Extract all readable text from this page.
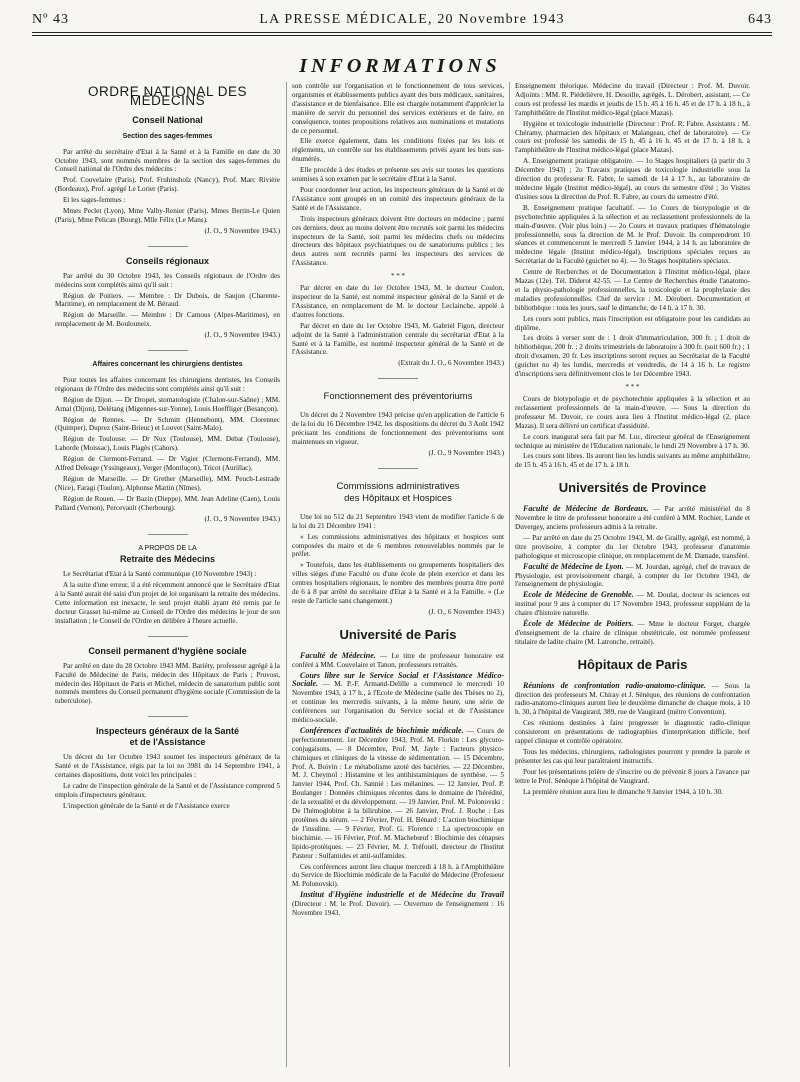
Nº 43	LA PRESSE MÉDICALE, 20 Novembre 1943	643
INFORMATIONS
ORDRE NATIONAL DES MÉDECINS
Conseil National
Section des sages-femmes

Par arrêté du secrétaire d'Etat à la Santé et à la Famille en date du 30 Octobre 1943, sont nommés membres de la section des sages-femmes du Conseil national de l'Ordre des médecins :

Prof. Couvelaire (Paris), Prof. Fruhinsholz (Nancy), Prof. Marc Rivière (Bordeaux), Prof. agrégé Le Lorier (Paris).

Et les sages-femmes :

Mmes Peclet (Lyon), Mme Valby-Renier (Paris), Mmes Bertin-Le Quien (Paris), Mme Pelican (Bourg), Mlle Félix (Le Mans).

(J. O., 9 Novembre 1943.)
Conseils régionaux

Par arrêté du 30 Octobre 1943, les Conseils régionaux de l'Ordre des médecins sont complétés ainsi qu'il suit :

Région de Poitiers. — Membre : Dr Dubois, de Saujon (Charente-Maritime), en remplacement de M. Béraud.

Région de Marseille. — Membre : Dr Camous (Alpes-Maritimes), en remplacement de M. Boulouneix.

(J. O., 9 Novembre 1943.)
Affaires concernant les chirurgiens dentistes

Pour toutes les affaires concernant les chirurgiens dentistes, les Conseils régionaux de l'Ordre des médecins sont complétés ainsi qu'il suit :

Région de Dijon. — Dr Dropet, stomatologiste (Chalon-sur-Saône) ; MM. Arnal (Dijon), Delétang (Migennes-sur-Yonne), Louis Hoeffliger (Besançon).

Région de Rennes. — Dr Schmitt (Hennebont), MM. Clorennec (Quimper), Duprez (Saint-Brieuc) et Louvet (Saint-Malo).

Région de Toulouse. — Dr Nux (Toulouse), MM. Debat (Toulouse), Laborde (Moissac), Louis Plagès (Cahors).

Région de Clermont-Ferrand. — Dr Vigier (Clermont-Ferrand), MM. Alfred Deleage (Yssingeaux), Verger (Montluçon), Tricot (Aurillac).

Région de Marseille. — Dr Grether (Marseille), MM. Peuch-Lestrade (Nice), Faragi (Toulon), Alphonse Martin (Nîmes).

Région de Rouen. — Dr Bazin (Dieppe), MM. Jean Adeline (Caen), Louis Pallard (Vernon), Percevault (Cherbourg).

(J. O., 9 Novembre 1943.)
A PROPOS DE LA
Retraite des Médecins

Le Secrétariat d'Etat à la Santé communique (10 Novembre 1943) :

A la suite d'une erreur, il a été récemment annoncé que le Secrétaire d'Etat à la Santé aurait été saisi d'un projet de loi organisant la retraite des médecins. Cette information est inexacte, le seul projet établi ayant été remis par le docteur Grasset lui-même au Conseil de l'Ordre des médecins le jour de son installation ; le Conseil de l'Ordre en délibère à l'heure actuelle.

Conseil permanent d'hygiène sociale

Par arrêté en date du 28 Octobre 1943 MM. Bariéty, professeur agrégé à la Faculté de Médecine de Paris, médecin des Hôpitaux de Paris ; Pruvost, médecin des Hôpitaux de Paris et Michel, médecin de sanatorium public sont nommés membres du Conseil permanent d'hygiène sociale (Commission de la tuberculose).

Inspecteurs généraux de la Santé
et de l'Assistance

Un décret du 1er Octobre 1943 soumet les inspecteurs généraux de la Santé et de l'Assistance, régis par la loi no 3981 du 14 Septembre 1941, à certaines dispositions, dont voici les principales :

Le cadre de l'inspection générale de la Santé et de l'Assistance comprend 5 emplois d'inspecteurs généraux.

L'inspection générale de la Santé et de l'Assistance exerce

son contrôle sur l'organisation et le fonctionnement de tous services, organismes et établissements publics ayant des buts médicaux, sanitaires, d'assistance et de bienfaisance. Elle est chargée notamment d'apprécier la manière de servir du personnel des services extérieurs et de faire, en conséquence, toutes propositions relatives aux nominations et mutations de ce personnel.

Elle exerce également, dans les conditions fixées par les lois et règlements, un contrôle sur les établissements privés ayant les buts sus-énumérés.

Elle procède à des études et présente ses avis sur toutes les questions soumises à son examen par le secrétaire d'Etat à la Santé.

Pour coordonner leur action, les inspecteurs généraux de la Santé et de l'Assistance sont groupés en un comité des inspecteurs généraux de la Santé et de l'Assistance.

Trois inspecteurs généraux doivent être docteurs en médecine ; parmi ces derniers, deux au moins doivent être recrutés soit parmi les médecins inspecteurs de la Santé, soit parmi les médecins chefs ou médecins directeurs des hôpitaux psychiatriques ou de sanatoriums publics ; les deux autres sont recrutés parmi les inspecteurs des services de l'Assistance.

* * *

Par décret en date du 1er Octobre 1943, M. le docteur Coulon, inspecteur de la Santé, est nommé inspecteur général de la Santé et de l'Assistance, en remplacement de M. le docteur Leclainche, appelé à d'autres fonctions.

Par décret en date du 1er Octobre 1943, M. Gabriel Figon, directeur adjoint de la Santé à l'administration centrale du secrétariat d'Etat à la Santé et à la Famille, est nommé inspecteur général de la Santé et de l'Assistance.

(Extrait du J. O., 6 Novembre 1943.)
Fonctionnement des préventoriums

Un décret du 2 Novembre 1943 précise qu'en application de l'article 6 de la loi du 16 Décembre 1942, les dispositions du décret du 3 Août 1942 précisant les conditions de fonctionnement des préventoriums sont maintenues en vigueur.

(J. O., 9 Novembre 1943.)
Commissions administratives
des Hôpitaux et Hospices

Une loi no 512 du 21 Septembre 1943 vient de modifier l'article 6 de la loi du 21 Décembre 1941 :

« Les commissions administratives des hôpitaux et hospices sont composées du maire et de 6 membres renouvelables nommés par le préfet.

» Toutefois, dans les établissements ou groupements hospitaliers des villes sièges d'une Faculté ou d'une école de plein exercice et dans les centres hospitaliers régionaux, le nombre des membres pourra être porté de 6 à 8 par arrêté du secrétaire d'Etat à la Santé et à la Famille. » (Le reste de l'article sans changement.)

(J. O., 6 Novembre 1943.)
Université de Paris

Faculté de Médecine. — Le titre de professeur honoraire est conféré à MM. Couvelaire et Tanon, professeurs retraités.

Cours libre sur le Service Social et l'Assistance Médico-Sociale. — M. P.-F. Armand-Delille a commencé le mercredi 10 Novembre 1943, à 17 h., à l'Ecole de Médecine (salle des Thèses no 2), et continue les mercredis suivants, à la même heure, une série de conférences sur l'organisation du Service social et de l'Assistance médico-sociale.

Conférences d'actualités de biochimie médicale. — Cours de perfectionnement. 1er Décembre 1943, Prof. M. Florkin : Les glycuro-conjugaisons. — 8 Décembre, Prof. M. Jayle : Facteurs physico-chimiques et cliniques de la vitesse de sédimentation. — 15 Décembre, Prof. A. Boivin : Le métabolisme azoté des bactéries. — 22 Décembre, M. J. Cheymol : Histamine et les antihistaminiques de synthèse. — 5 Janvier 1944, Prof. Ch. Sannié : Les mélanines. — 12 Janvier, Prof. P. Boulanger : Données chimiques récentes dans le domaine de l'hérédité, de la sexualité et du développement. — 19 Janvier, Prof. M. Polonovski : De l'hémoglobine à la bilirubine. — 26 Janvier, Prof. J. Roche : Les protéines du sérum. — 2 Février, Prof. H. Bénard : L'action biochimique de l'insuline. — 9 Février, Prof. G. Florence : La spectroscopie en biochimie. — 16 Février, Prof. M. Machebœuf : Biochimie des cénapses lipido-protéiques. — 23 Février, M. J. Tréfouël, directeur de l'Institut Pasteur : Sulfamides et anti-sulfamides.

Ces conférences auront lieu chaque mercredi à 18 h. à l'Amphithéâtre du Service de Biochimie médicale de la Faculté de Médecine (Professeur M. Polonovski).

Institut d'Hygiène industrielle et de Médecine du Travail (Directeur : M. le Prof. Duvoir). — Ouverture de l'enseignement : 16 Novembre 1943.

Enseignement théorique. Médecine du travail (Directeur : Prof. M. Duvoir. Adjoints : MM. R. Piédelièvre, H. Desoille, agrégés, L. Dérobert, assistant. — Ce cours est professé les mardis et jeudis de 15 h. 45 à 16 h. 45 et de 17 h. à 18 h., à l'amphithéâtre de l'Institut médico-légal (place Mazas).

Hygiène et toxicologie industrielle (Directeur : Prof. R. Fabre. Assistants : M. Chéramy, pharmacien des hôpitaux et Malangeau, chef de laboratoire). — Ce cours est professé les samedis de 15 h. 45 à 16 h. 45 et de 17 h. à 18 h. à l'amphithéâtre de l'Institut médico-légal (place Mazas).

A. Enseignement pratique obligatoire. — 1o Stages hospitaliers (à partir du 3 Décembre 1943) ; 2o Travaux pratiques de toxicologie industrielle sous la direction du professeur R. Fabre, le samedi de 14 à 17 h., au laboratoire de médecine légale (Institut médico-légal), au cours du semestre d'été ; 3o Visites d'usines sous la direction du Prof. R. Fabre, au cours du semestre d'été.

B. Enseignement pratique facultatif. — 1o Cours de biotypologie et de psychotechnie appliquées à la sélection et au reclassement professionnels de la main-d'œuvre. (Voir plus loin.) — 2o Cours et travaux pratiques d'hématologie professionnelle, sous la direction de M. le Prof. Duvoir. Ils comprendront 10 séances et commenceront le mercredi 5 Janvier 1944, à 14 h. au laboratoire de médecine légale (Institut médico-légal). Inscriptions spéciales reçues au Secrétariat de la Faculté (guichet no 4). — 3o Stages hospitaliers spéciaux.

Centre de Recherches et de Documentation à l'Institut médico-légal, place Mazas (12e). Tél. Diderot 42-55. — Le Centre de Recherches étudie l'anatomo- et la physio-pathologie professionnelles, la toxicologie et la prophylaxie des maladies professionnelles. Chef de service : M. Dérobert. Documentation et bibliothèque : tous les jours, sauf le dimanche, de 14 h. à 17 h. 30.

Les cours sont publics, mais l'inscription est obligatoire pour les candidats au diplôme.

Les droits à verser sont de : 1 droit d'immatriculation, 300 fr. ; 1 droit de bibliothèque, 200 fr. ; 2 droits trimestriels de laboratoire à 300 fr. (soit 600 fr.) ; 1 droit d'examen, 20 fr. Les inscriptions seront reçues au Secrétariat de la Faculté (guichet no 4) les lundis, mercredis et vendredis, de 14 à 16 h. Le registre d'inscriptions sera définitivement clos le 1er Décembre 1943.

* * *

Cours de biotypologie et de psychotechnie appliquées à la sélection et au reclassement professionnels de la main-d'œuvre. — Sous la direction du professeur M. Duvoir, ce cours aura lieu à l'Institut médico-légal (2, place Mazas). Il sera délivré un certificat d'assiduité.

Le cours inaugural sera fait par M. Luc, directeur général de l'Enseignement technique au ministère de l'Education nationale, le lundi 29 Novembre à 17 h. 30.

Les cours sont libres. Ils auront lieu les lundis suivants au même amphithéâtre, de 15 h. 45 à 16 h. 45 et de 17 h. à 18 h.

Universités de Province

Faculté de Médecine de Bordeaux. — Par arrêté ministériel du 8 Novembre le titre de professeur honoraire a été conféré à MM. Rochier, Lande et Duvergey, anciens professeurs admis à la retraite.

— Par arrêté en date du 25 Octobre 1943, M. de Grailly, agrégé, est nommé, à titre provisoire, à compter du 1er Octobre 1943, professeur d'anatomie pathologique et microscopie clinique, en remplacement de M. Damade, transféré.

Faculté de Médecine de Lyon. — M. Jourdan, agrégé, chef de travaux de Physiologie, est provisoirement chargé, à compter du 1er Octobre 1943, de l'enseignement de physiologie.

Ecole de Médecine de Grenoble. — M. Doulat, docteur ès sciences est institué pour 9 ans à compter du 17 Novembre 1943, professeur suppléant de la chaire d'histoire naturelle.

École de Médecine de Poitiers. — Mme le docteur Forget, chargée d'enseignement de la chaire de clinique obstétricale, est nommée professeur titulaire de ladite chaire (M. Latronche, retraité).

Hôpitaux de Paris

Réunions de confrontation radio-anatomo-clinique. — Sous la direction des professeurs M. Chiray et J. Sénèque, des réunions de confrontation radio-anatomo-cliniques auront lieu le deuxième dimanche de chaque mois, à 10 h. 30, à l'hôpital de Vaugirard, 389, rue de Vaugirard (métro Convention).

Ces réunions destinées à faire progresser le diagnostic radio-clinique consisteront en présentations de radiographies d'interprétation difficile, bref rappel clinique et contrôle opératoire.

Tous les médecins, chirurgiens, radiologistes pourront y prendre la parole et présenter les cas qui leur paraîtraient instructifs.

Pour les présentations prière de s'inscrire ou de prévenir 8 jours à l'avance par lettre le Prof. Sénèque à l'hôpital de Vaugirard.

La première réunion aura lieu le dimanche 9 Janvier 1944, à 10 h. 30.
